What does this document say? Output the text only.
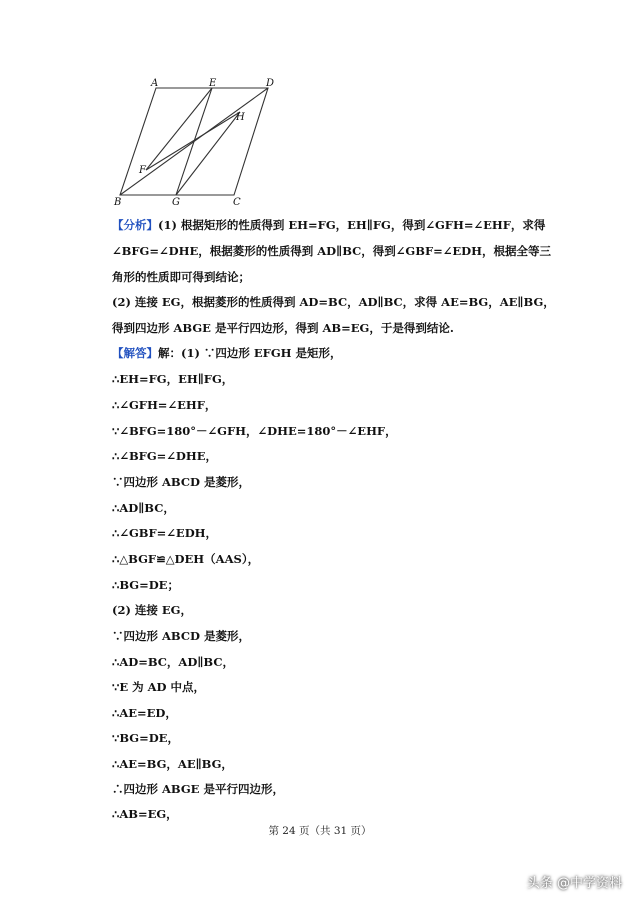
A	E	D
H
F
B	G	C
【分析】(1) 根据矩形的性质得到 EH=FG，EH∥FG，得到∠GFH=∠EHF，求得
∠BFG=∠DHE，根据菱形的性质得到 AD∥BC，得到∠GBF=∠EDH，根据全等三
角形的性质即可得到结论；
(2) 连接 EG，根据菱形的性质得到 AD=BC，AD∥BC，求得 AE=BG，AE∥BG，
得到四边形 ABGE 是平行四边形，得到 AB=EG，于是得到结论.
【解答】解：(1) ∵四边形 EFGH 是矩形，
∴EH=FG，EH∥FG，
∴∠GFH=∠EHF，
∵∠BFG=180°－∠GFH，∠DHE=180°－∠EHF，
∴∠BFG=∠DHE，
∵四边形 ABCD 是菱形，
∴AD∥BC，
∴∠GBF=∠EDH，
∴△BGF≌△DEH（AAS），
∴BG=DE；
(2) 连接 EG，
∵四边形 ABCD 是菱形，
∴AD=BC，AD∥BC，
∵E 为 AD 中点，
∴AE=ED，
∵BG=DE，
∴AE=BG，AE∥BG，
∴四边形 ABGE 是平行四边形，
∴AB=EG，
第 24 页（共 31 页）
头条 @中学资料
